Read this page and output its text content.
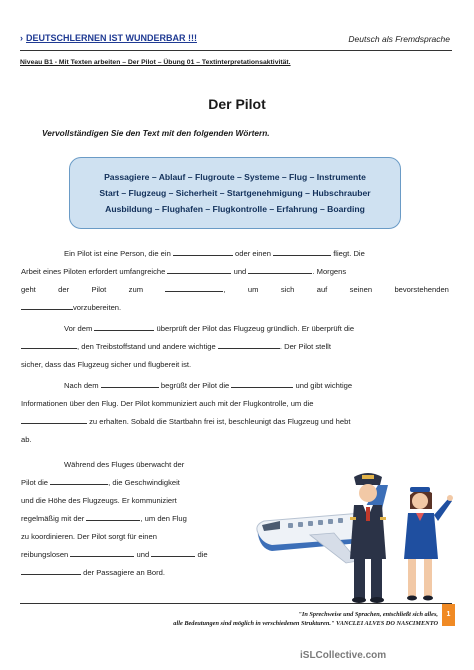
› DEUTSCHLERNEN IST WUNDERBAR !!!	Deutsch als Fremdsprache
Niveau B1 - Mit Texten arbeiten – Der Pilot – Übung 01 – Textinterpretationsaktivität.
Der Pilot
Vervollständigen Sie den Text mit den folgenden Wörtern.
Passagiere – Ablauf – Flugroute – Systeme – Flug – Instrumente
Start – Flugzeug – Sicherheit – Startgenehmigung – Hubschrauber
Ausbildung – Flughafen – Flugkontrolle – Erfahrung – Boarding
Ein Pilot ist eine Person, die ein	oder einen	fliegt. Die
Arbeit eines Piloten erfordert umfangreiche	und	. Morgens
geht	der	Pilot	zum	,	um	sich	auf	seinen	bevorstehenden
vorzubereiten.
Vor dem	überprüft der Pilot das Flugzeug gründlich. Er überprüft die
, den Treibstoffstand und andere wichtige	. Der Pilot stellt
sicher, dass das Flugzeug sicher und flugbereit ist.
Nach dem	begrüßt der Pilot die	und gibt wichtige
Informationen über den Flug. Der Pilot kommuniziert auch mit der Flugkontrolle, um die
zu erhalten. Sobald die Startbahn frei ist, beschleunigt das Flugzeug und hebt
ab.
Während des Fluges überwacht der
Pilot die	, die Geschwindigkeit
und die Höhe des Flugzeugs. Er kommuniziert
regelmäßig mit der	, um den Flug
zu koordinieren. Der Pilot sorgt für einen
reibungslosen	und	die
der Passagiere an Bord.
"In Sprechweise und Sprachen, entschließt sich alles,
alle Bedeutungen sind möglich in verschiedenen Strukturen." VANCLEI ALVES DO NASCIMENTO
1
iSLCollective.com
